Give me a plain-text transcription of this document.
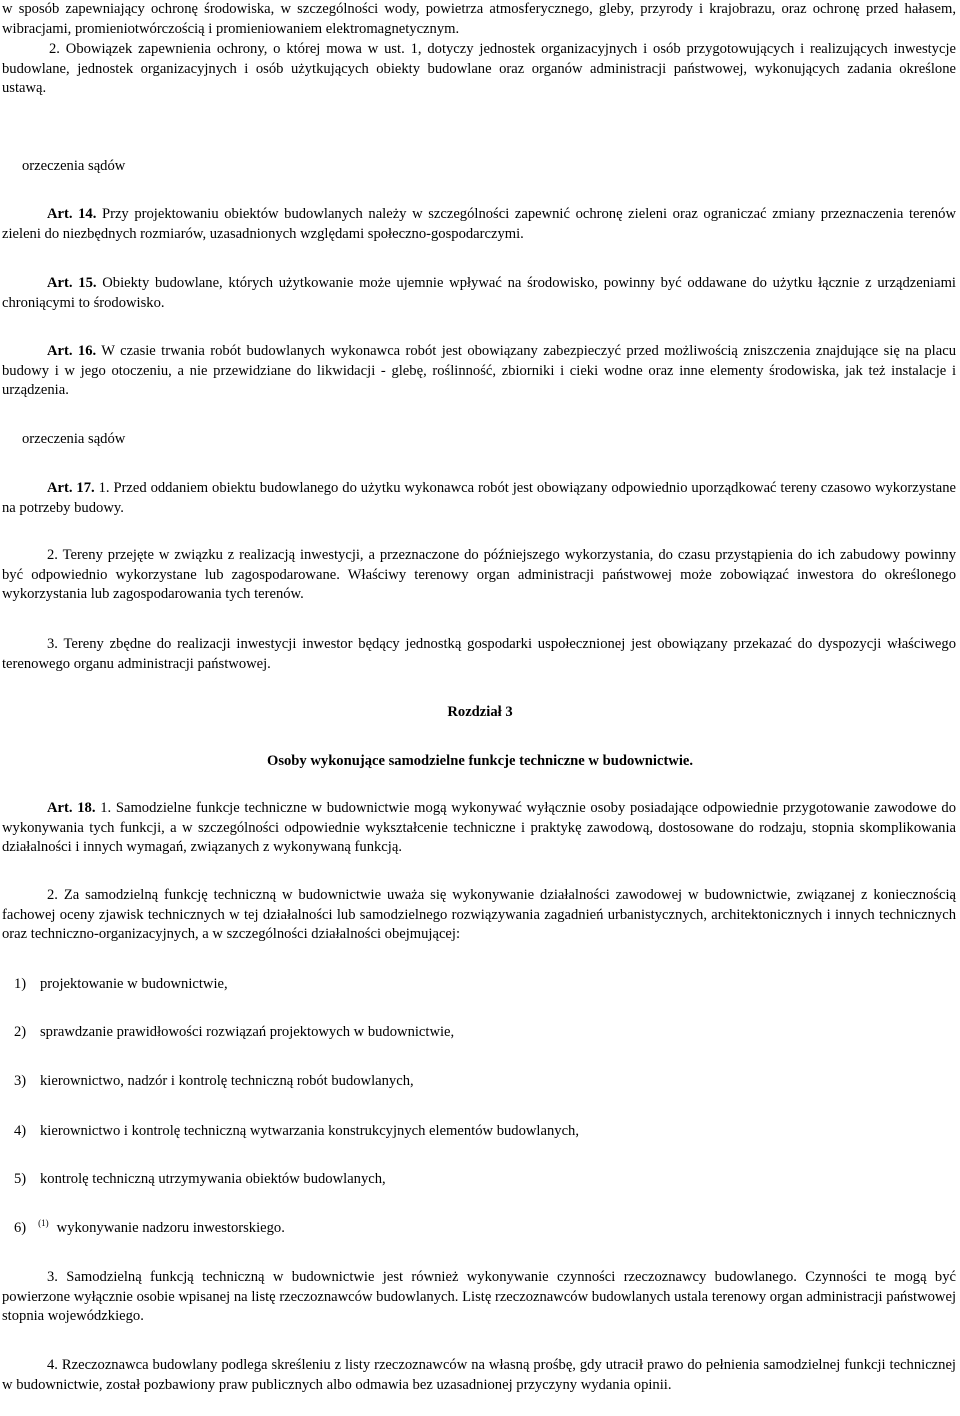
w sposób zapewniający ochronę środowiska, w szczególności wody, powietrza atmosferycznego, gleby, przyrody i krajobrazu, oraz ochronę przed hałasem, wibracjami, promieniotwórczością i promieniowaniem elektromagnetycznym.

2. Obowiązek zapewnienia ochrony, o której mowa w ust. 1, dotyczy jednostek organizacyjnych i osób przygotowujących i realizujących inwestycje budowlane, jednostek organizacyjnych i osób użytkujących obiekty budowlane oraz organów administracji państwowej, wykonujących zadania określone ustawą.

orzeczenia sądów

Art. 14. Przy projektowaniu obiektów budowlanych należy w szczególności zapewnić ochronę zieleni oraz ograniczać zmiany przeznaczenia terenów zieleni do niezbędnych rozmiarów, uzasadnionych względami społeczno-gospodarczymi.

Art. 15. Obiekty budowlane, których użytkowanie może ujemnie wpływać na środowisko, powinny być oddawane do użytku łącznie z urządzeniami chroniącymi to środowisko.

Art. 16. W czasie trwania robót budowlanych wykonawca robót jest obowiązany zabezpieczyć przed możliwością zniszczenia znajdujące się na placu budowy i w jego otoczeniu, a nie przewidziane do likwidacji - glebę, roślinność, zbiorniki i cieki wodne oraz inne elementy środowiska, jak też instalacje i urządzenia.

orzeczenia sądów

Art. 17. 1. Przed oddaniem obiektu budowlanego do użytku wykonawca robót jest obowiązany odpowiednio uporządkować tereny czasowo wykorzystane na potrzeby budowy.

2. Tereny przejęte w związku z realizacją inwestycji, a przeznaczone do późniejszego wykorzystania, do czasu przystąpienia do ich zabudowy powinny być odpowiednio wykorzystane lub zagospodarowane. Właściwy terenowy organ administracji państwowej może zobowiązać inwestora do określonego wykorzystania lub zagospodarowania tych terenów.

3. Tereny zbędne do realizacji inwestycji inwestor będący jednostką gospodarki uspołecznionej jest obowiązany przekazać do dyspozycji właściwego terenowego organu administracji państwowej.

Rozdział 3

Osoby wykonujące samodzielne funkcje techniczne w budownictwie.

Art. 18. 1. Samodzielne funkcje techniczne w budownictwie mogą wykonywać wyłącznie osoby posiadające odpowiednie przygotowanie zawodowe do wykonywania tych funkcji, a w szczególności odpowiednie wykształcenie techniczne i praktykę zawodową, dostosowane do rodzaju, stopnia skomplikowania działalności i innych wymagań, związanych z wykonywaną funkcją.

2. Za samodzielną funkcję techniczną w budownictwie uważa się wykonywanie działalności zawodowej w budownictwie, związanej z koniecznością fachowej oceny zjawisk technicznych w tej działalności lub samodzielnego rozwiązywania zagadnień urbanistycznych, architektonicznych i innych technicznych oraz techniczno-organizacyjnych, a w szczególności działalności obejmującej:

1) projektowanie w budownictwie,

2) sprawdzanie prawidłowości rozwiązań projektowych w budownictwie,

3) kierownictwo, nadzór i kontrolę techniczną robót budowlanych,

4) kierownictwo i kontrolę techniczną wytwarzania konstrukcyjnych elementów budowlanych,

5) kontrolę techniczną utrzymywania obiektów budowlanych,

6) $^{(1)}$ wykonywanie nadzoru inwestorskiego.

3. Samodzielną funkcją techniczną w budownictwie jest również wykonywanie czynności rzeczoznawcy budowlanego. Czynności te mogą być powierzone wyłącznie osobie wpisanej na listę rzeczoznawców budowlanych. Listę rzeczoznawców budowlanych ustala terenowy organ administracji państwowej stopnia wojewódzkiego.

4. Rzeczoznawca budowlany podlega skreśleniu z listy rzeczoznawców na własną prośbę, gdy utracił prawo do pełnienia samodzielnej funkcji technicznej w budownictwie, został pozbawiony praw publicznych albo odmawia bez uzasadnionej przyczyny wydania opinii.
